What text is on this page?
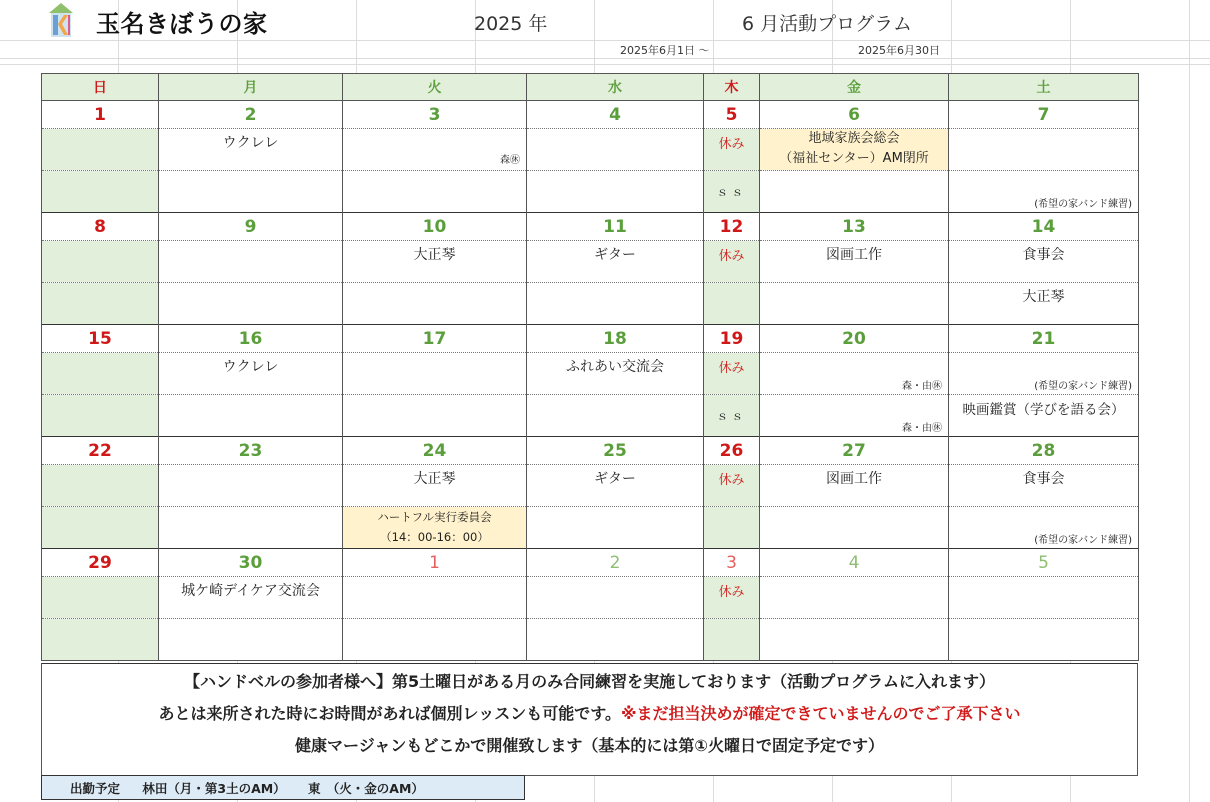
玉名きぼうの家	2025 年	6 月活動プログラム
2025年6月1日 ～	2025年6月30日
日	月	火	水	木	金	土
1	2	3	4	5	6	7

	ウクレレ	森㊡		休み	地域家族会総会
（福祉センター）AM閉所	

				ｓｓ		(希望の家バンド練習)

8	9	10	11	12	13	14

		大正琴	ギター	休み	図画工作	食事会

						大正琴

15	16	17	18	19	20	21

	ウクレレ		ふれあい交流会	休み	森・由㊡	(希望の家バンド練習)

				ｓｓ	森・由㊡	映画鑑賞（学びを語る会）

22	23	24	25	26	27	28

		大正琴	ギター	休み	図画工作	食事会

		ハートフル実行委員会
（14：00-16：00）				(希望の家バンド練習)

29	30	1	2	3	4	5

	城ケ崎デイケア交流会			休み		

【ハンドベルの参加者様へ】第5土曜日がある月のみ合同練習を実施しております（活動プログラムに入れます）

あとは来所された時にお時間があれば個別レッスンも可能です。※まだ担当決めが確定できていませんのでご了承下さい

健康マージャンもどこかで開催致します（基本的には第①火曜日で固定予定です）

出勤予定 林田（月・第3土のAM） 東　（火・金のAM）
